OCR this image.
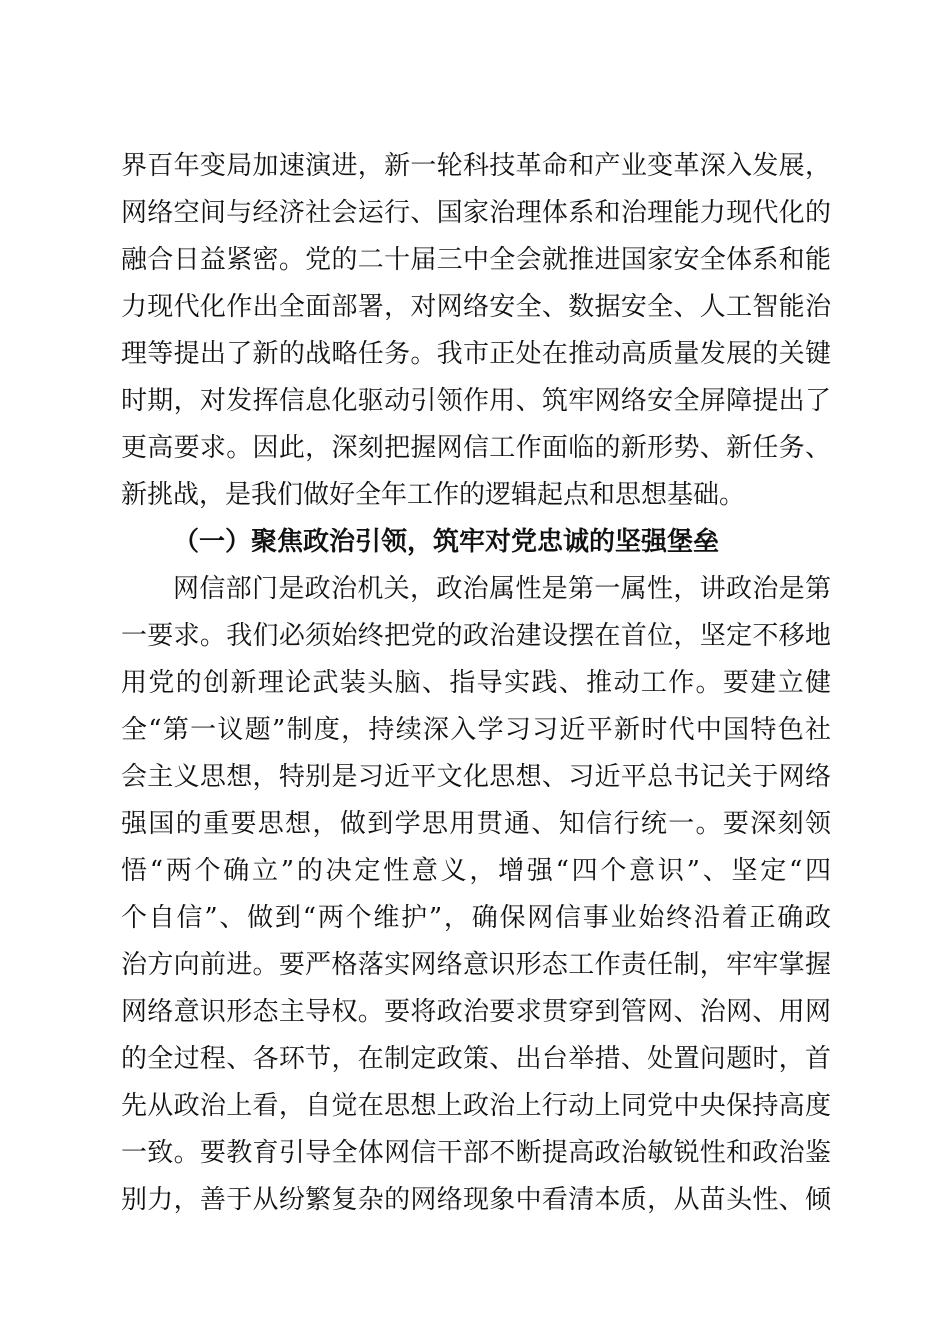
界百年变局加速演进，新一轮科技革命和产业变革深入发展，
网络空间与经济社会运行、国家治理体系和治理能力现代化的
融合日益紧密。党的二十届三中全会就推进国家安全体系和能
力现代化作出全面部署，对网络安全、数据安全、人工智能治
理等提出了新的战略任务。我市正处在推动高质量发展的关键
时期，对发挥信息化驱动引领作用、筑牢网络安全屏障提出了
更高要求。因此，深刻把握网信工作面临的新形势、新任务、
新挑战，是我们做好全年工作的逻辑起点和思想基础。
（一）聚焦政治引领，筑牢对党忠诚的坚强堡垒
网信部门是政治机关，政治属性是第一属性，讲政治是第
一要求。我们必须始终把党的政治建设摆在首位，坚定不移地
用党的创新理论武装头脑、指导实践、推动工作。要建立健
全“第一议题”制度，持续深入学习习近平新时代中国特色社
会主义思想，特别是习近平文化思想、习近平总书记关于网络
强国的重要思想，做到学思用贯通、知信行统一。要深刻领
悟“两个确立”的决定性意义，增强“四个意识”、坚定“四
个自信”、做到“两个维护”，确保网信事业始终沿着正确政
治方向前进。要严格落实网络意识形态工作责任制，牢牢掌握
网络意识形态主导权。要将政治要求贯穿到管网、治网、用网
的全过程、各环节，在制定政策、出台举措、处置问题时，首
先从政治上看，自觉在思想上政治上行动上同党中央保持高度
一致。要教育引导全体网信干部不断提高政治敏锐性和政治鉴
别力，善于从纷繁复杂的网络现象中看清本质，从苗头性、倾
